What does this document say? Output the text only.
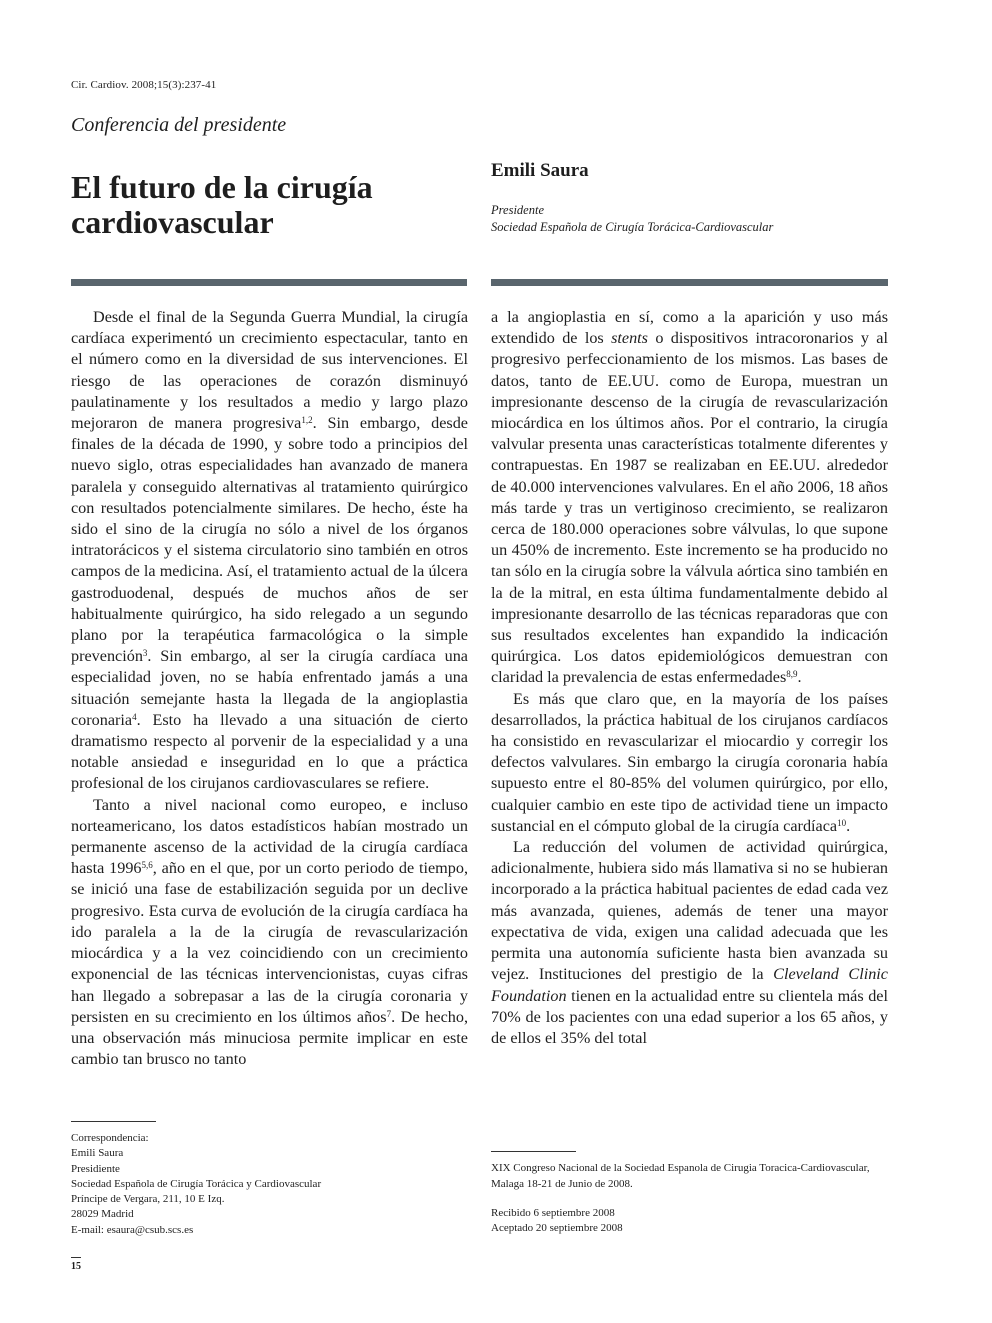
Cir. Cardiov. 2008;15(3):237-41
Conferencia del presidente
El futuro de la cirugía cardiovascular
Emili Saura
Presidente
Sociedad Española de Cirugía Torácica-Cardiovascular

Desde el final de la Segunda Guerra Mundial, la cirugía cardíaca experimentó un crecimiento espectacular, tanto en el número como en la diversidad de sus intervenciones. El riesgo de las operaciones de corazón disminuyó paulatinamente y los resultados a medio y largo plazo mejoraron de manera progresiva$^{1,2}$. Sin embargo, desde finales de la década de 1990, y sobre todo a principios del nuevo siglo, otras especialidades han avanzado de manera paralela y conseguido alternativas al tratamiento quirúrgico con resultados potencialmente similares. De hecho, éste ha sido el sino de la cirugía no sólo a nivel de los órganos intratorácicos y el sistema circulatorio sino también en otros campos de la medicina. Así, el tratamiento actual de la úlcera gastroduodenal, después de muchos años de ser habitualmente quirúrgico, ha sido relegado a un segundo plano por la terapéutica farmacológica o la simple prevención$^3$. Sin embargo, al ser la cirugía cardíaca una especialidad joven, no se había enfrentado jamás a una situación semejante hasta la llegada de la angioplastia coronaria$^4$. Esto ha llevado a una situación de cierto dramatismo respecto al porvenir de la especialidad y a una notable ansiedad e inseguridad en lo que a práctica profesional de los cirujanos cardiovasculares se refiere.

Tanto a nivel nacional como europeo, e incluso norteamericano, los datos estadísticos habían mostrado un permanente ascenso de la actividad de la cirugía cardíaca hasta 1996$^{5,6}$, año en el que, por un corto periodo de tiempo, se inició una fase de estabilización seguida por un declive progresivo. Esta curva de evolución de la cirugía cardíaca ha ido paralela a la de la cirugía de revascularización miocárdica y a la vez coincidiendo con un crecimiento exponencial de las técnicas intervencionistas, cuyas cifras han llegado a sobrepasar a las de la cirugía coronaria y persisten en su crecimiento en los últimos años$^7$. De hecho, una observación más minuciosa permite implicar en este cambio tan brusco no tanto

a la angioplastia en sí, como a la aparición y uso más extendido de los stents o dispositivos intracoronarios y al progresivo perfeccionamiento de los mismos. Las bases de datos, tanto de EE.UU. como de Europa, muestran un impresionante descenso de la cirugía de revascularización miocárdica en los últimos años. Por el contrario, la cirugía valvular presenta unas características totalmente diferentes y contrapuestas. En 1987 se realizaban en EE.UU. alrededor de 40.000 intervenciones valvulares. En el año 2006, 18 años más tarde y tras un vertiginoso crecimiento, se realizaron cerca de 180.000 operaciones sobre válvulas, lo que supone un 450% de incremento. Este incremento se ha producido no tan sólo en la cirugía sobre la válvula aórtica sino también en la de la mitral, en esta última fundamentalmente debido al impresionante desarrollo de las técnicas reparadoras que con sus resultados excelentes han expandido la indicación quirúrgica. Los datos epidemiológicos demuestran con claridad la prevalencia de estas enfermedades$^{8,9}$.

Es más que claro que, en la mayoría de los países desarrollados, la práctica habitual de los cirujanos cardíacos ha consistido en revascularizar el miocardio y corregir los defectos valvulares. Sin embargo la cirugía coronaria había supuesto entre el 80-85% del volumen quirúrgico, por ello, cualquier cambio en este tipo de actividad tiene un impacto sustancial en el cómputo global de la cirugía cardíaca$^{10}$.

La reducción del volumen de actividad quirúrgica, adicionalmente, hubiera sido más llamativa si no se hubieran incorporado a la práctica habitual pacientes de edad cada vez más avanzada, quienes, además de tener una mayor expectativa de vida, exigen una calidad adecuada que les permita una autonomía suficiente hasta bien avanzada su vejez. Instituciones del prestigio de la Cleveland Clinic Foundation tienen en la actualidad entre su clientela más del 70% de los pacientes con una edad superior a los 65 años, y de ellos el 35% del total

Correspondencia:
Emili Saura
Presidiente
Sociedad Española de Cirugía Torácica y Cardiovascular
Príncipe de Vergara, 211, 10 E Izq.
28029 Madrid
E-mail: esaura@csub.scs.es
XIX Congreso Nacional de la Sociedad Espanola de Cirugia Toracica-Cardiovascular, Malaga 18-21 de Junio de 2008.
Recibido 6 septiembre 2008
Aceptado 20 septiembre 2008
15
